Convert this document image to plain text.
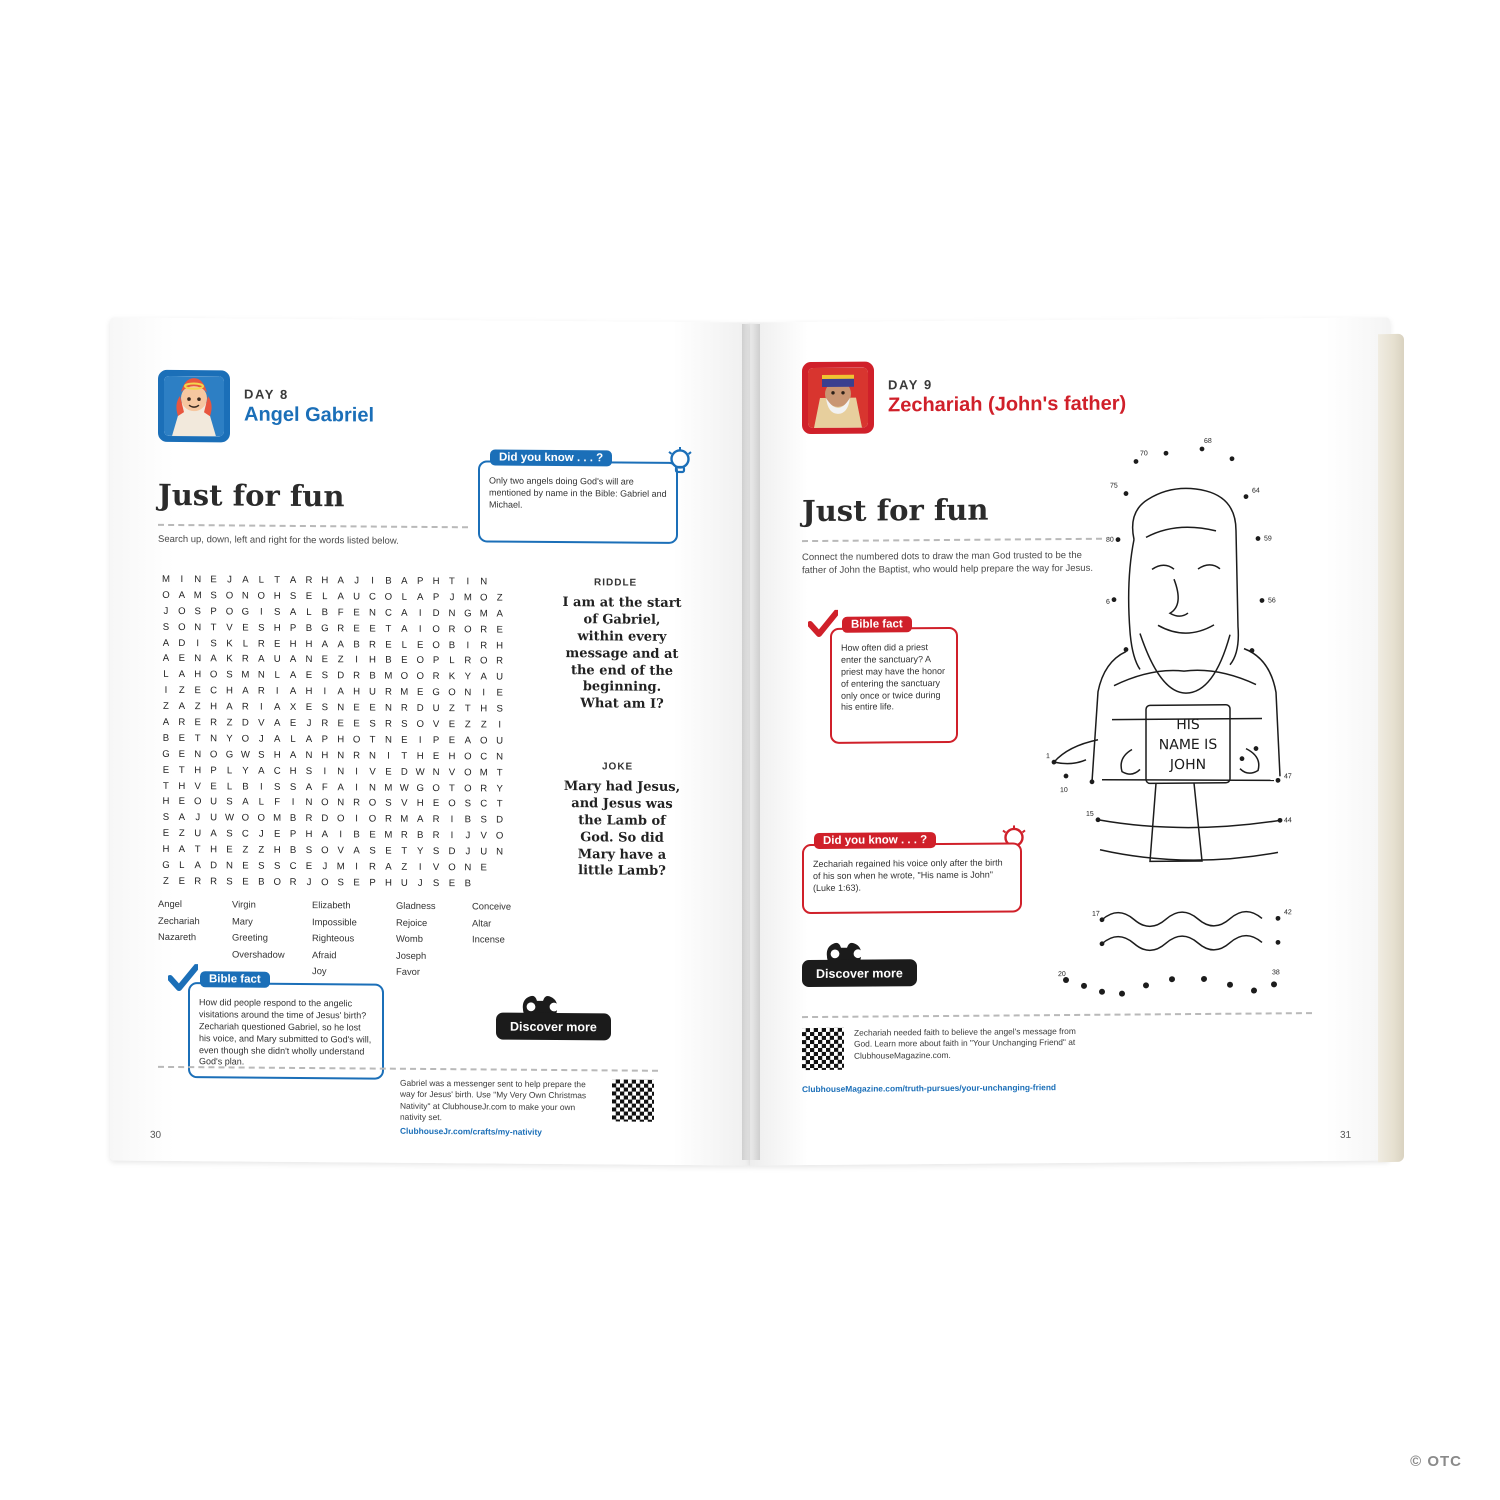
DAY 8
Angel Gabriel
Did you know . . . ?
Only two angels doing God's will are mentioned by name in the Bible: Gabriel and Michael.
Just for fun
Search up, down, left and right for the words listed below.
M	I	N E	J	A	L	T	A R H A	J	I	B A P H T	I	N
O A M S O N O H S E	L	A U C O L	A P	J M O Z
J	O S P O G	I	S A	L	B	F	E N C A	I	D N G M A
S O N T	V E S H P B G R E E	T	A	I	O R O R E
A D	I	S K	L	R E H H A A B R E	L	E O B	I	R H
A E N A K R A U A N E	Z	I	H B E O P	L	R O R
L	A H O S M N	L	A E S D R B M O O R K Y A U
I	Z	E C H A R	I	A H	I	A H U R M E G O N	I	E
Z	A	Z H A R	I	A X E S N E E N R D U Z	T H S
A R E R Z D V A E	J	R E E S R S O V E	Z	Z	I
B E	T N Y O	J	A	L	A P H O T N E	I	P E A O U
G E N O G W S H A N H N R N	I	T H E H O C N
E	T H P	L	Y A C H S	I	N	I	V E D W N V O M T
T H V E	L	B	I	S S A	F	A	I	N M W G O T O R Y
H E O U S A	L	F	I	N O N R O S V H E O S C T
S A	J	U W O O M B R D O	I	O R M A R	I	B S D
E	Z U A S C	J	E P H A	I	B E M R B R	I	J	V O
H A	T H E	Z	Z H B S O V A S E	T	Y S D	J	U N
G L	A D N E S S C E	J M	I	R A	Z	I	V O N E
Z	E R R S E B O R	J	O S E P H U	J	S E B
RIDDLE
I am at the start of Gabriel, within every message and at the end of the beginning. What am I?
JOKE
Mary had Jesus, and Jesus was the Lamb of God. So did Mary have a little Lamb?
Angel
Zechariah
Nazareth
Virgin
Mary
Greeting
Overshadow
Elizabeth
Impossible
Righteous
Afraid
Joy
Gladness
Rejoice
Womb
Joseph
Favor
Conceive
Altar
Incense
Bible fact
How did people respond to the angelic visitations around the time of Jesus' birth? Zechariah questioned Gabriel, so he lost his voice, and Mary submitted to God's will, even though she didn't wholly understand God's plan.
Discover more
Gabriel was a messenger sent to help prepare the way for Jesus' birth. Use "My Very Own Christmas Nativity" at ClubhouseJr.com to make your own nativity set.
ClubhouseJr.com/crafts/my-nativity
30
DAY 9
Zechariah (John's father)
Just for fun
Connect the numbered dots to draw the man God trusted to be the father of John the Baptist, who would help prepare the way for Jesus.
Bible fact
How often did a priest enter the sanctuary? A priest may have the honor of entering the sanctuary only once or twice during his entire life.
Did you know . . . ?
Zechariah regained his voice only after the birth of his son when he wrote, "His name is John" (Luke 1:63).
70
68
75
64
80	59
6	56
1
10
47
15
44
17	42
20	38
HIS
NAME IS
JOHN
Discover more
Zechariah needed faith to believe the angel's message from God. Learn more about faith in "Your Unchanging Friend" at ClubhouseMagazine.com.
ClubhouseMagazine.com/truth-pursues/your-unchanging-friend
31
© OTC
